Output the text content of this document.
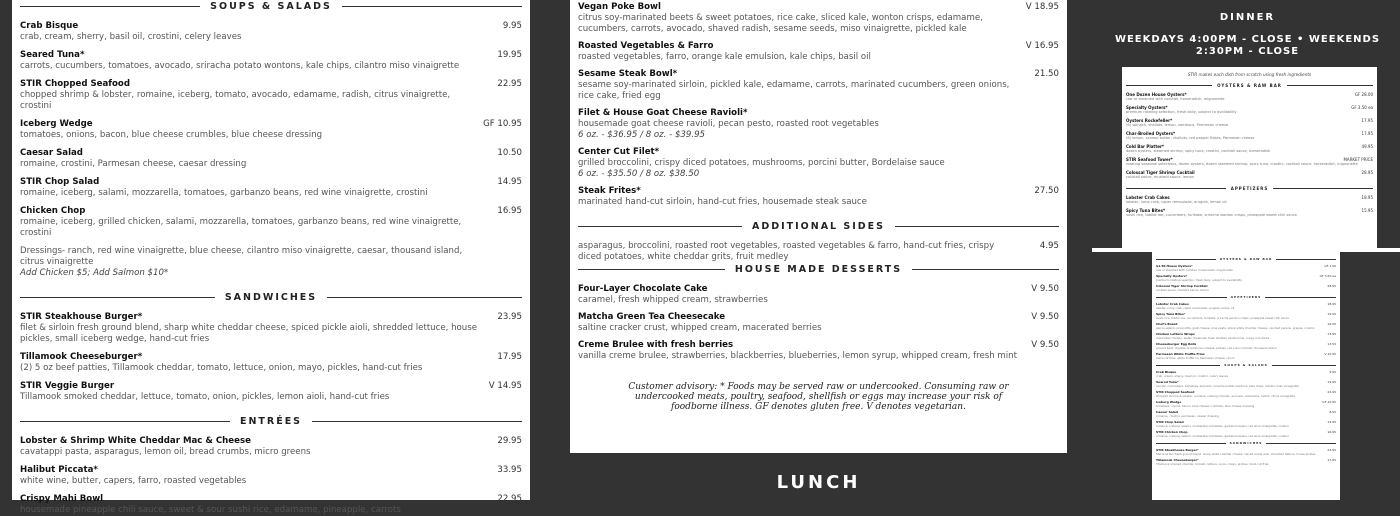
SOUPS & SALADS
Crab Bisque	9.95
crab, cream, sherry, basil oil, crostini, celery leaves
Seared Tuna*	19.95
carrots, cucumbers, tomatoes, avocado, sriracha potato wontons, kale chips, cilantro miso vinaigrette
STIR Chopped Seafood	22.95
chopped shrimp & lobster, romaine, iceberg, tomato, avocado, edamame, radish, citrus vinaigrette, crostini
Iceberg Wedge	GF 10.95
tomatoes, onions, bacon, blue cheese crumbles, blue cheese dressing
Caesar Salad	10.50
romaine, crostini, Parmesan cheese, caesar dressing
STIR Chop Salad	14.95
romaine, iceberg, salami, mozzarella, tomatoes, garbanzo beans, red wine vinaigrette, crostini
Chicken Chop	16.95
romaine, iceberg, grilled chicken, salami, mozzarella, tomatoes, garbanzo beans, red wine vinaigrette, crostini
Dressings- ranch, red wine vinaigrette, blue cheese, cilantro miso vinaigrette, caesar, thousand island, citrus vinaigrette
Add Chicken $5; Add Salmon $10*
SANDWICHES
STIR Steakhouse Burger*	23.95
filet & sirloin fresh ground blend, sharp white cheddar cheese, spiced pickle aioli, shredded lettuce, house pickles, small iceberg wedge, hand-cut fries
Tillamook Cheeseburger*	17.95
(2) 5 oz beef patties, Tillamook cheddar, tomato, lettuce, onion, mayo, pickles, hand-cut fries
STIR Veggie Burger	V 14.95
Tillamook smoked cheddar, lettuce, tomato, onion, pickles, lemon aioli, hand-cut fries
ENTRÉES
Lobster & Shrimp White Cheddar Mac & Cheese	29.95
cavatappi pasta, asparagus, lemon oil, bread crumbs, micro greens
Halibut Piccata*	33.95
white wine, butter, capers, farro, roasted vegetables
Crispy Mahi Bowl	22.95
housemade pineapple chili sauce, sweet & sour sushi rice, edamame, pineapple, carrots
Vegan Poke Bowl	V 18.95
citrus soy-marinated beets & sweet potatoes, rice cake, sliced kale, wonton crisps, edamame, cucumbers, carrots, avocado, shaved radish, sesame seeds, miso vinaigrette, pickled kale
Roasted Vegetables & Farro	V 16.95
roasted vegetables, farro, orange kale emulsion, kale chips, basil oil
Sesame Steak Bowl*	21.50
sesame soy-marinated sirloin, pickled kale, edamame, carrots, marinated cucumbers, green onions, rice cake, fried egg
Filet & House Goat Cheese Ravioli*
housemade goat cheese ravioli, pecan pesto, roasted root vegetables
6 oz. - $36.95 / 8 oz. - $39.95
Center Cut Filet*
grilled broccolini, crispy diced potatoes, mushrooms, porcini butter, Bordelaise sauce
6 oz. - $35.50 / 8 oz. $38.50
Steak Frites*	27.50
marinated hand-cut sirloin, hand-cut fries, housemade steak sauce
ADDITIONAL SIDES
asparagus, broccolini, roasted root vegetables, roasted vegetables & farro, hand-cut fries, crispy diced potatoes, white cheddar grits, fruit medley
4.95
HOUSE MADE DESSERTS
Four-Layer Chocolate Cake	V 9.50
caramel, fresh whipped cream, strawberries
Matcha Green Tea Cheesecake	V 9.50
saltine cracker crust, whipped cream, macerated berries
Creme Brulee with fresh berries	V 9.50
vanilla creme brulee, strawberries, blackberries, blueberries, lemon syrup, whipped cream, fresh mint
Customer advisory: * Foods may be served raw or undercooked. Consuming raw or undercooked meats, poultry, seafood, shellfish or eggs may increase your risk of foodborne illness. GF denotes gluten free. V denotes vegetarian.
LUNCH
DINNER
WEEKDAYS 4:00PM - CLOSE • WEEKENDS
2:30PM - CLOSE
STIR makes each dish from scratch using fresh ingredients
OYSTERS & RAW BAR
One Dozen House Oysters*	GF 28.00
raw or steamed with cocktail, horseradish, mignonette
Specialty Oysters*	GF 3.50 ea
premium rotating selection, fresh daily, subject to availability
Oysters Rockefeller*	17.95
(6) spinach, shallots, lemon, sambuca, Parmesan cheese
Char-Broiled Oysters*	17.95
(6) lemon, scampi butter, shallots, red pepper flakes, Parmesan cheese
Cold Bar Platter*	49.95
dozen oysters, steamed shrimp, spicy tuna, crostini, cocktail sauce, horseradish
STIR Seafood Tower*	MARKET PRICE
rotating seasonal selections, dozen oysters, dozen steamed shrimp, spicy tuna, crostini, cocktail sauce, horseradish, mignonette
Colossal Tiger Shrimp Cocktail	28.95
cocktail sauce, mustard sauce, lemon
APPETIZERS
Lobster Crab Cakes	18.95
lobster, lump crab, caper remoulade, arugula, lemon oil
Spicy Tuna Bites*	15.95
sushi rice, tobiko roe, cucumbers, furikake, sriracha wonton crisps, pineapple sweet chili sauce
OYSTERS & RAW BAR
$1.50 House Oysters*	GF 1.50
raw or steamed with cocktail, horseradish, mignonette
Specialty Oysters*	GF 3.50 ea
premium rotating selection, fresh daily, subject to availability
Colossal Tiger Shrimp Cocktail	28.95
cocktail sauce, mustard sauce, lemon
APPETIZERS
Lobster Crab Cakes	18.95
lobster, lump crab, caper remoulade, arugula, lemon oil
Spicy Tuna Bites*	15.95
sushi rice, tobiko roe, cucumbers, furikake, sriracha wonton crisps, pineapple sweet chili sauce
Chef's Board	16.95
genoa salami, prosciutto, goat cheese, pine pesto, sharp white cheddar cheese, candied pecans, grapes, crostini
Chicken Lettuce Wraps	13.95
marinated chicken, water chestnuts, fresh shiitake mushrooms, crispy rice sticks
Cheeseburger Egg Rolls	13.50
ground beef, cheddar & American cheese, pickles, red onion, tomato, thousand island
Parmesan White Truffle Fries	V 10.95
hand-cut fries, white truffle oil, Parmesan cheese, ranch
SOUPS & SALADS
Crab Bisque	9.95
crab, cream, sherry, basil oil, crostini, celery leaves
Seared Tuna*	19.95
carrots, cucumbers, tomatoes, avocado, sriracha potato wontons, kale chips, cilantro miso vinaigrette
STIR Chopped Seafood	22.95
chopped shrimp & lobster, romaine, iceberg, tomato, avocado, edamame, radish, citrus vinaigrette
Iceberg Wedge	GF 10.95
tomatoes, onions, bacon, blue cheese crumbles, blue cheese dressing
Caesar Salad	8.95
romaine, crostini, parmesan, caesar dressing
STIR Chop Salad	14.95
romaine, iceberg, salami, mozzarella, tomatoes, garbanzo beans, red wine vinaigrette, crostini
STIR Chicken Chop	16.95
romaine, iceberg, salami, mozzarella, tomatoes, garbanzo beans, red wine vinaigrette, crostini
SANDWICHES
STIR Steakhouse Burger*	23.95
filet & sirloin fresh ground blend, sharp white cheddar cheese, spiced pickle aioli, shredded lettuce, house pickles
Tillamook Cheeseburger*	17.95
Tillamook smoked cheddar, tomato, lettuce, onion, mayo, pickles, hand-cut fries
